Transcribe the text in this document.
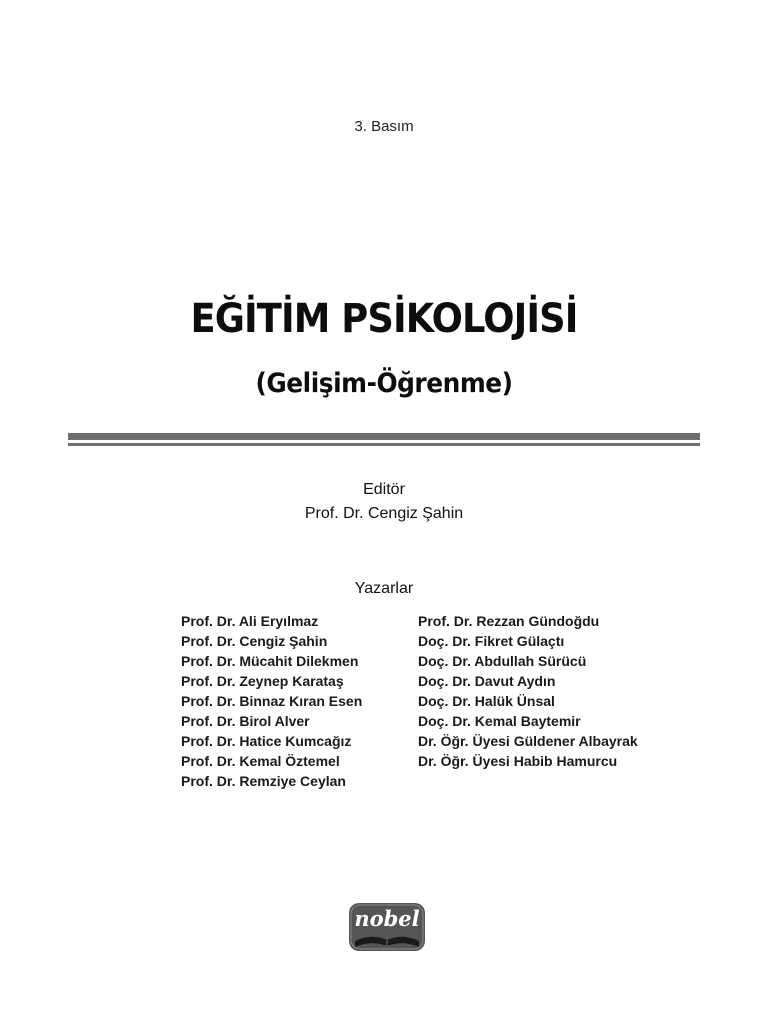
3. Basım
EĞİTİM PSİKOLOJİSİ
(Gelişim-Öğrenme)
Editör
Prof. Dr. Cengiz Şahin
Yazarlar
Prof. Dr. Ali Eryılmaz
Prof. Dr. Cengiz Şahin
Prof. Dr. Mücahit Dilekmen
Prof. Dr. Zeynep Karataş
Prof. Dr. Binnaz Kıran Esen
Prof. Dr. Birol Alver
Prof. Dr. Hatice Kumcağız
Prof. Dr. Kemal Öztemel
Prof. Dr. Remziye Ceylan
Prof. Dr. Rezzan Gündoğdu
Doç. Dr. Fikret Gülaçtı
Doç. Dr. Abdullah Sürücü
Doç. Dr. Davut Aydın
Doç. Dr. Halük Ünsal
Doç. Dr. Kemal Baytemir
Dr. Öğr. Üyesi Güldener Albayrak
Dr. Öğr. Üyesi Habib Hamurcu
nobel
